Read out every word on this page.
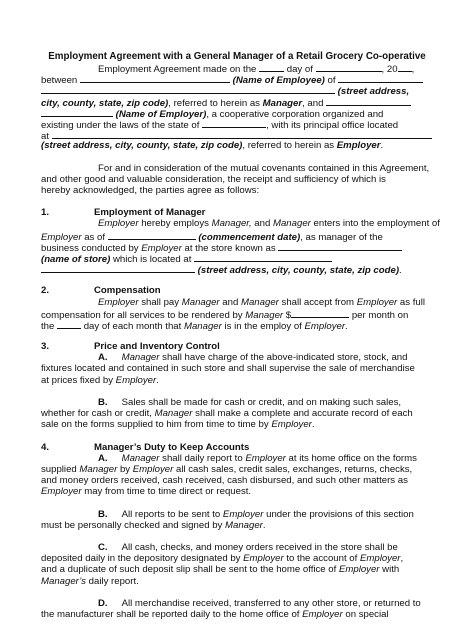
Employment Agreement with a General Manager of a Retail Grocery Co-operative
Employment Agreement made on the	day of	, 20 ,
between	(Name of Employee) of
(street address,
city, county, state, zip code), referred to herein as Manager, and
(Name of Employer), a cooperative corporation organized and
existing under the laws of the state of	, with its principal office located
at
(street address, city, county, state, zip code), referred to herein as Employer.
For and in consideration of the mutual covenants contained in this Agreement,
and other good and valuable consideration, the receipt and sufficiency of which is
hereby acknowledged, the parties agree as follows:
1.	Employment of Manager
Employer hereby employs Manager, and Manager enters into the employment of
Employer as of	(commencement date), as manager of the
business conducted by Employer at the store known as
(name of store) which is located at
(street address, city, county, state, zip code).
2.	Compensation
Employer shall pay Manager and Manager shall accept from Employer as full
compensation for all services to be rendered by Manager $	per month on
the	day of each month that Manager is in the employ of Employer.
3.	Price and Inventory Control
A. Manager shall have charge of the above-indicated store, stock, and
fixtures located and contained in such store and shall supervise the sale of merchandise
at prices fixed by Employer.
B. Sales shall be made for cash or credit, and on making such sales,
whether for cash or credit, Manager shall make a complete and accurate record of each
sale on the forms supplied to him from time to time by Employer.
4.	Manager’s Duty to Keep Accounts
A. Manager shall daily report to Employer at its home office on the forms
supplied Manager by Employer all cash sales, credit sales, exchanges, returns, checks,
and money orders received, cash received, cash disbursed, and such other matters as
Employer may from time to time direct or request.
B. All reports to be sent to Employer under the provisions of this section
must be personally checked and signed by Manager.
C. All cash, checks, and money orders received in the store shall be
deposited daily in the depository designated by Employer to the account of Employer,
and a duplicate of such deposit slip shall be sent to the home office of Employer with
Manager’s daily report.
D. All merchandise received, transferred to any other store, or returned to
the manufacturer shall be reported daily to the home office of Employer on special
